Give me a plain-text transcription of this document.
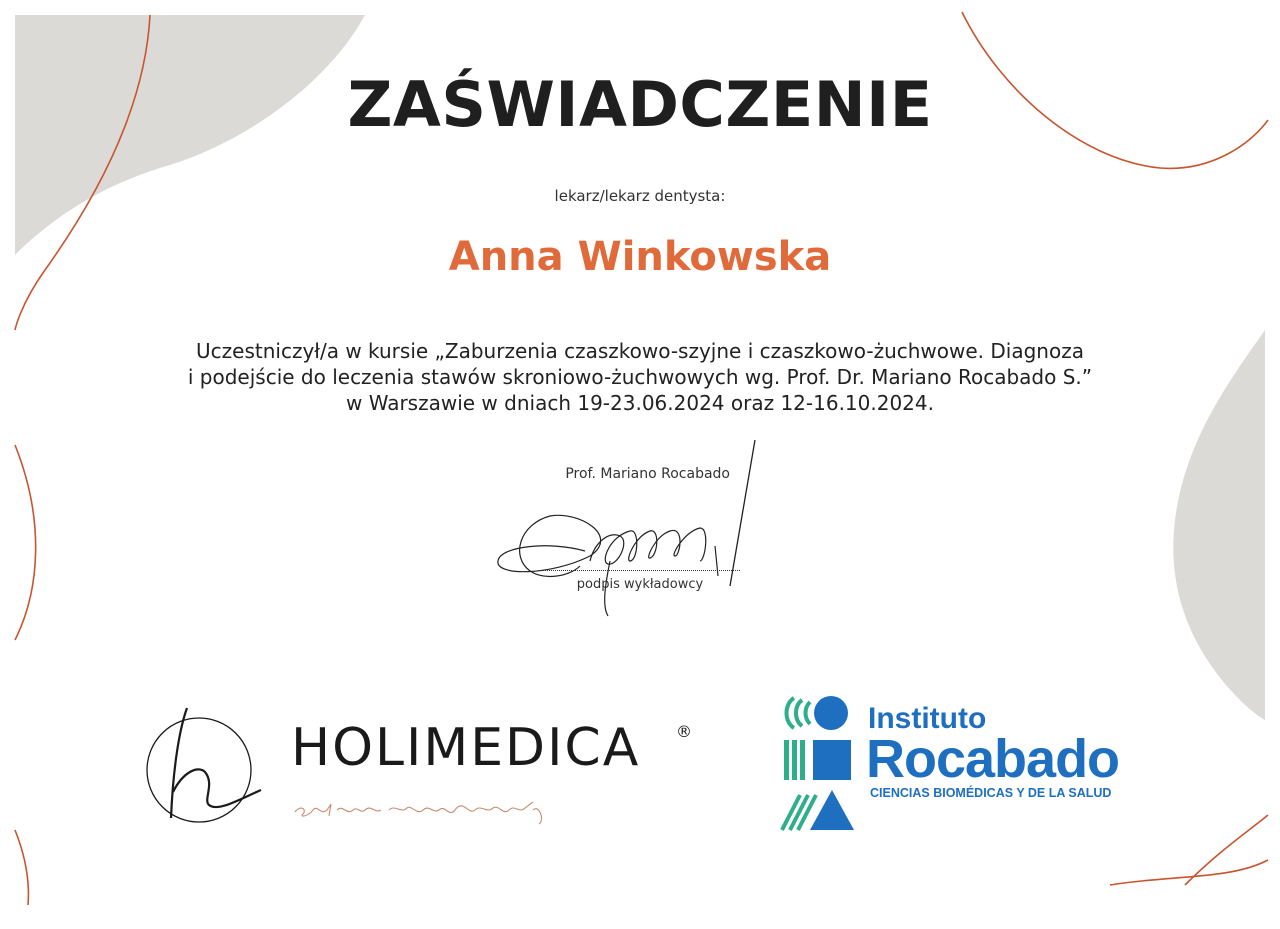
ZAŚWIADCZENIE
lekarz/lekarz dentysta:
Anna Winkowska
Uczestniczył/a w kursie „Zaburzenia czaszkowo-szyjne i czaszkowo-żuchwowe. Diagnoza
i podejście do leczenia stawów skroniowo-żuchwowych wg. Prof. Dr. Mariano Rocabado S.”
w Warszawie w dniach 19-23.06.2024 oraz 12-16.10.2024.
Prof. Mariano Rocabado
podpis wykładowcy
HOLIMEDICA ®	Instituto
Rocabado
CIENCIAS BIOMÉDICAS Y DE LA SALUD
